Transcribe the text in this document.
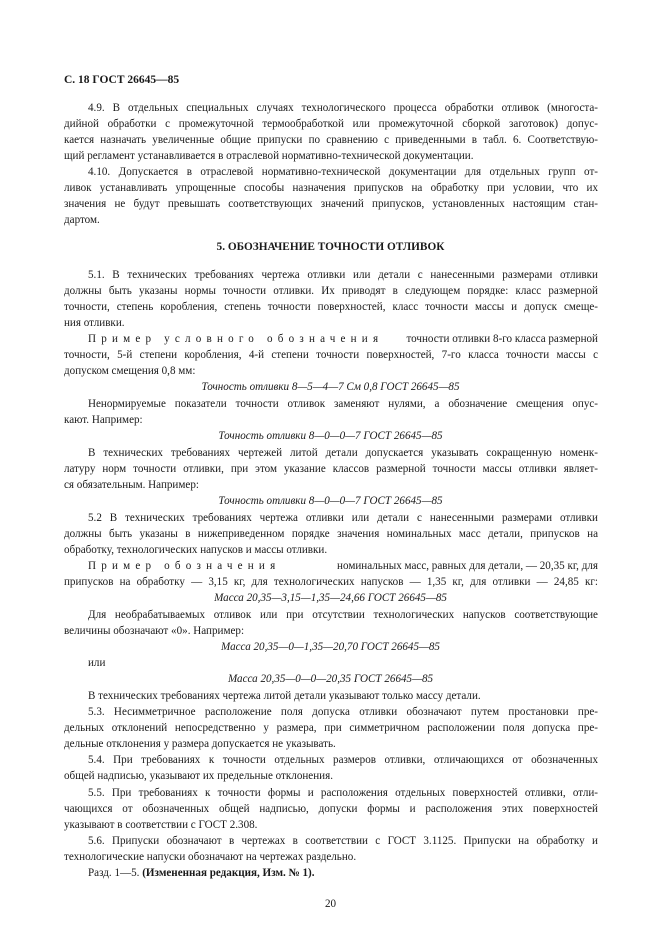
С. 18 ГОСТ 26645—85
4.9. В отдельных специальных случаях технологического процесса обработки отливок (многоста-
дийной обработки с промежуточной термообработкой или промежуточной сборкой заготовок) допус-
кается назначать увеличенные общие припуски по сравнению с приведенными в табл. 6. Соответствую-
щий регламент устанавливается в отраслевой нормативно-технической документации.
4.10. Допускается в отраслевой нормативно-технической документации для отдельных групп от-
ливок устанавливать упрощенные способы назначения припусков на обработку при условии, что их
значения не будут превышать соответствующих значений припусков, установленных настоящим стан-
дартом.
5. ОБОЗНАЧЕНИЕ ТОЧНОСТИ ОТЛИВОК
5.1. В технических требованиях чертежа отливки или детали с нанесенными размерами отливки
должны быть указаны нормы точности отливки. Их приводят в следующем порядке: класс размерной
точности, степень коробления, степень точности поверхностей, класс точности массы и допуск смеще-
ния отливки.
Пример условного обозначения точности отливки 8-го класса размерной
точности, 5-й степени коробления, 4-й степени точности поверхностей, 7-го класса точности массы с
допуском смещения 0,8 мм:
Точность отливки 8—5—4—7 См 0,8 ГОСТ 26645—85
Ненормируемые показатели точности отливок заменяют нулями, а обозначение смещения опус-
кают. Например:
Точность отливки 8—0—0—7 ГОСТ 26645—85
В технических требованиях чертежей литой детали допускается указывать сокращенную номенк-
латуру норм точности отливки, при этом указание классов размерной точности массы отливки являет-
ся обязательным. Например:
Точность отливки 8—0—0—7 ГОСТ 26645—85
5.2 В технических требованиях чертежа отливки или детали с нанесенными размерами отливки
должны быть указаны в нижеприведенном порядке значения номинальных масс детали, припусков на
обработку, технологических напусков и массы отливки.
Пример обозначения	номинальных масс, равных для детали, — 20,35 кг, для
припусков на обработку — 3,15 кг, для технологических напусков — 1,35 кг, для отливки — 24,85 кг:
Масса 20,35—3,15—1,35—24,66 ГОСТ 26645—85
Для необрабатываемых отливок или при отсутствии технологических напусков соответствующие
величины обозначают «0». Например:
Масса 20,35—0—1,35—20,70 ГОСТ 26645—85
или
Масса 20,35—0—0—20,35 ГОСТ 26645—85
В технических требованиях чертежа литой детали указывают только массу детали.
5.3. Несимметричное расположение поля допуска отливки обозначают путем простановки пре-
дельных отклонений непосредственно у размера, при симметричном расположении поля допуска пре-
дельные отклонения у размера допускается не указывать.
5.4. При требованиях к точности отдельных размеров отливки, отличающихся от обозначенных
общей надписью, указывают их предельные отклонения.
5.5. При требованиях к точности формы и расположения отдельных поверхностей отливки, отли-
чающихся от обозначенных общей надписью, допуски формы и расположения этих поверхностей
указывают в соответствии с ГОСТ 2.308.
5.6. Припуски обозначают в чертежах в соответствии с ГОСТ 3.1125. Припуски на обработку и
технологические напуски обозначают на чертежах раздельно.
Разд. 1—5. (Измененная редакция, Изм. № 1).
20
